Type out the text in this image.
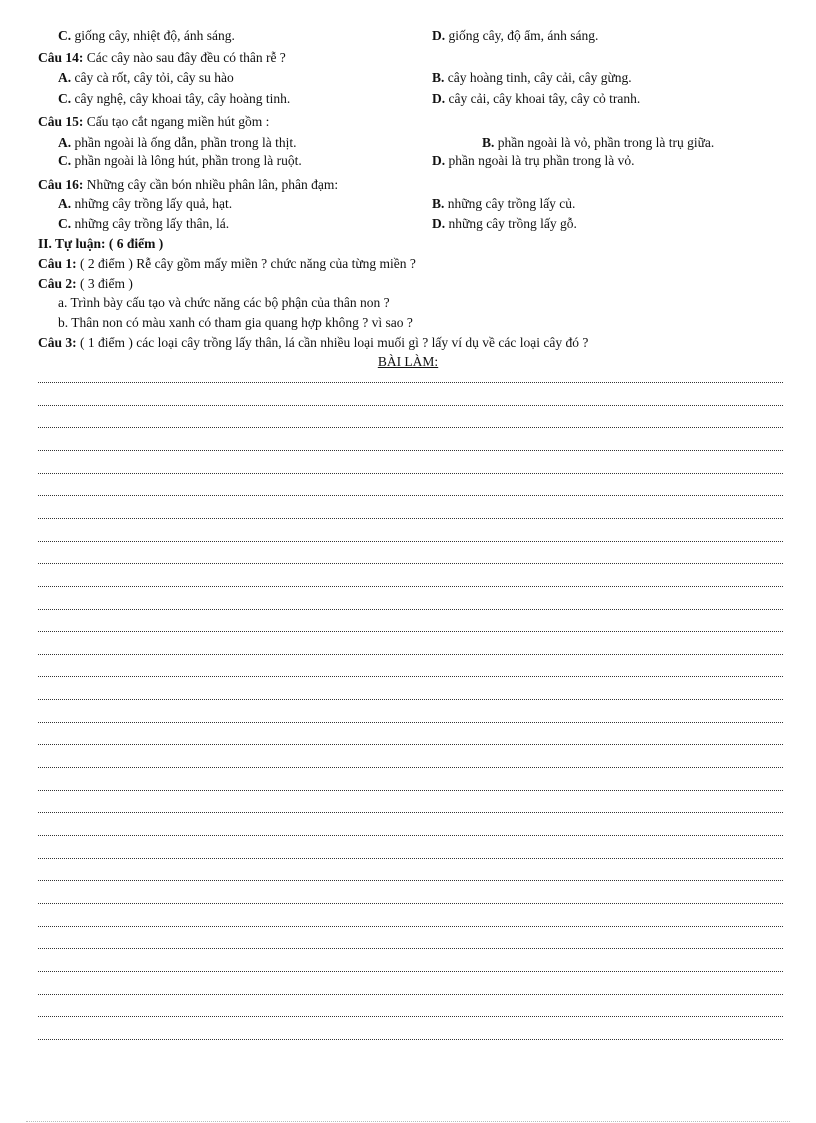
C. giống cây, nhiệt độ, ánh sáng.	D. giống cây, độ ẩm, ánh sáng.
Câu 14: Các cây nào sau đây đều có thân rễ ?
A. cây cà rốt, cây tỏi, cây su hào	B. cây hoàng tinh, cây cải, cây gừng.
C. cây nghệ, cây khoai tây, cây hoàng tinh.	D. cây cải, cây khoai tây, cây cỏ tranh.
Câu 15: Cấu tạo cắt ngang miền hút gồm :
A. phần ngoài là ống dẫn, phần trong là thịt.	B. phần ngoài là vỏ, phần trong là trụ giữa.
C. phần ngoài là lông hút, phần trong là ruột.	D. phần ngoài là trụ phần trong là vỏ.
Câu 16: Những cây cần bón nhiều phân lân, phân đạm:
A. những cây trồng lấy quả, hạt.	B. những cây trồng lấy củ.
C. những cây trồng lấy thân, lá.	D. những cây trồng lấy gỗ.
II. Tự luận: ( 6 điểm )
Câu 1: ( 2 điểm ) Rễ cây gồm mấy miền ? chức năng của từng miền ?
Câu 2: ( 3 điểm )
a. Trình bày cấu tạo và chức năng các bộ phận của thân non ?
b. Thân non có màu xanh có tham gia quang hợp không ? vì sao ?
Câu 3: ( 1 điểm ) các loại cây trồng lấy thân, lá cần nhiều loại muối gì ? lấy ví dụ về các loại cây đó ?
BÀI LÀM:
